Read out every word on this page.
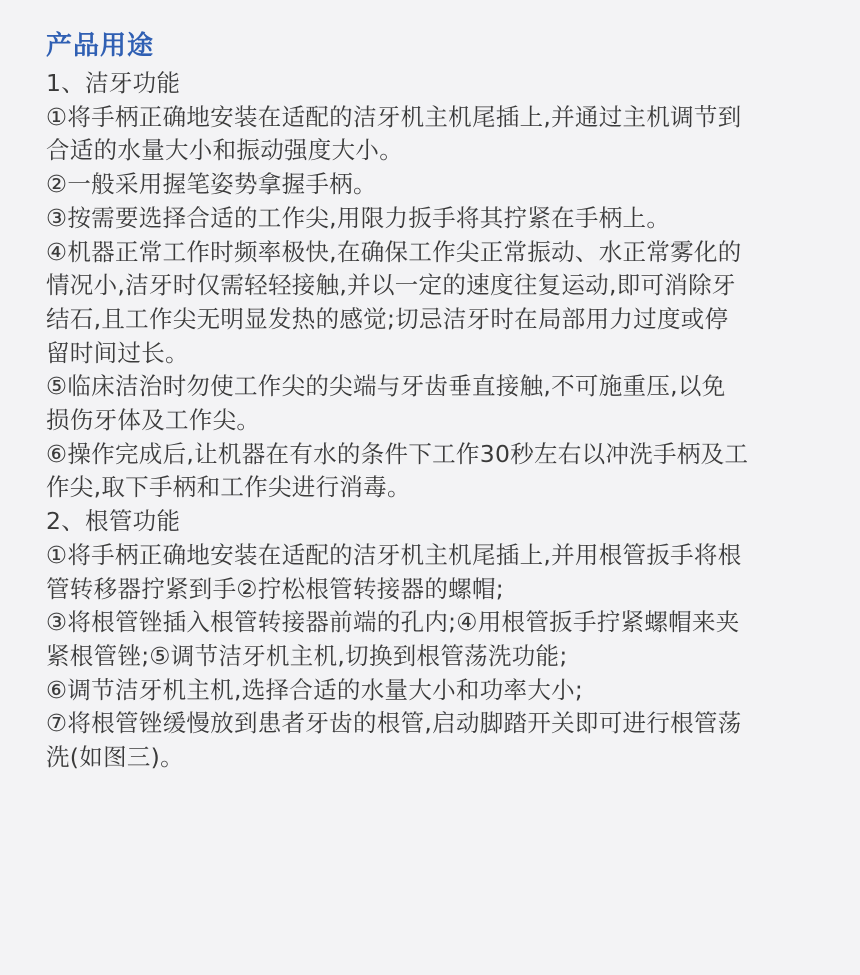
产品用途
1、洁牙功能
①将手柄正确地安装在适配的洁牙机主机尾插上,并通过主机调节到
合适的水量大小和振动强度大小。
②一般采用握笔姿势拿握手柄。
③按需要选择合适的工作尖,用限力扳手将其拧紧在手柄上。
④机器正常工作时频率极快,在确保工作尖正常振动、水正常雾化的
情况小,洁牙时仅需轻轻接触,并以一定的速度往复运动,即可消除牙
结石,且工作尖无明显发热的感觉;切忌洁牙时在局部用力过度或停
留时间过长。
⑤临床洁治时勿使工作尖的尖端与牙齿垂直接触,不可施重压,以免
损伤牙体及工作尖。
⑥操作完成后,让机器在有水的条件下工作30秒左右以冲洗手柄及工
作尖,取下手柄和工作尖进行消毒。
2、根管功能
①将手柄正确地安装在适配的洁牙机主机尾插上,并用根管扳手将根
管转移器拧紧到手②拧松根管转接器的螺帽;
③将根管锉插入根管转接器前端的孔内;④用根管扳手拧紧螺帽来夹
紧根管锉;⑤调节洁牙机主机,切换到根管荡洗功能;
⑥调节洁牙机主机,选择合适的水量大小和功率大小;
⑦将根管锉缓慢放到患者牙齿的根管,启动脚踏开关即可进行根管荡
洗(如图三)。
